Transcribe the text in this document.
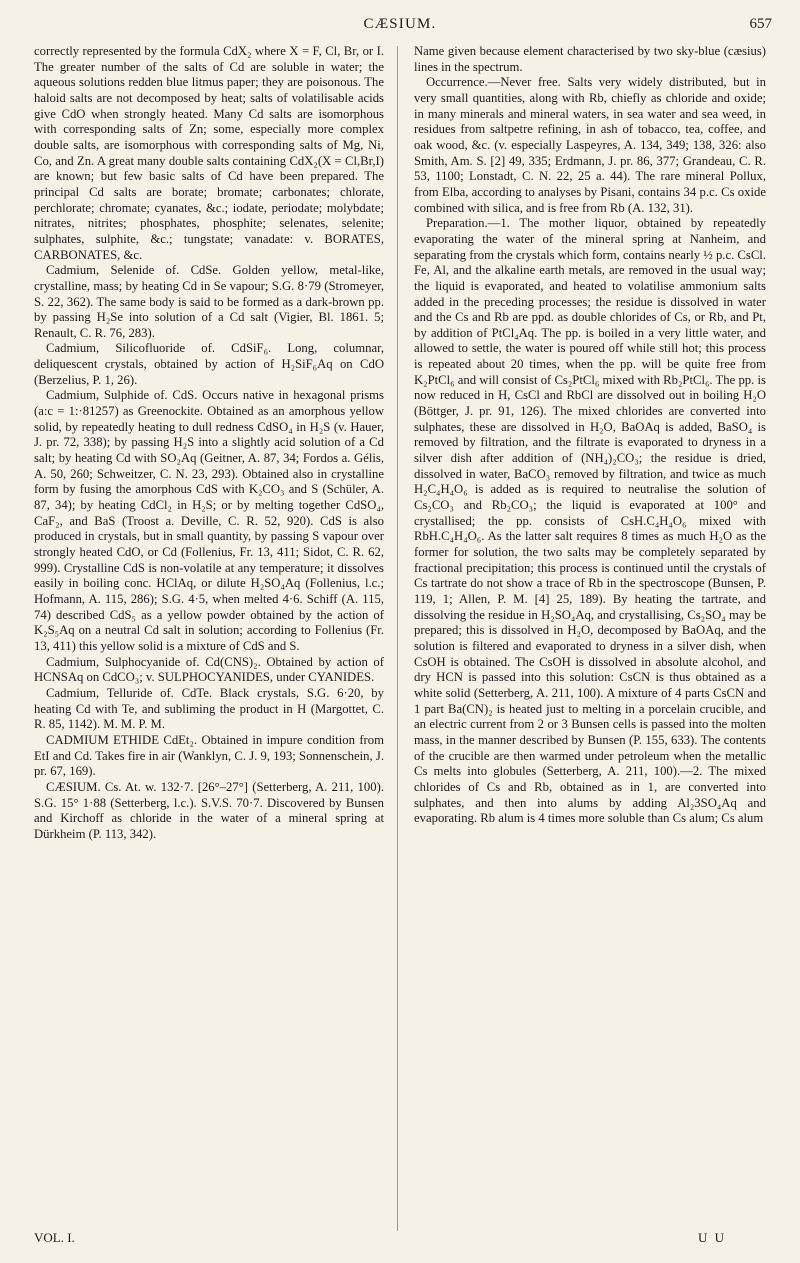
CÆSIUM.	657

correctly represented by the formula CdX₂ where X = F, Cl, Br, or I. The greater number of the salts of Cd are soluble in water; the aqueous solutions redden blue litmus paper; they are poisonous. The haloid salts are not decomposed by heat; salts of volatilisable acids give CdO when strongly heated. Many Cd salts are isomorphous with corresponding salts of Zn; some, especially more complex double salts, are isomorphous with corresponding salts of Mg, Ni, Co, and Zn. A great many double salts containing CdX₂(X = Cl,Br,I) are known; but few basic salts of Cd have been prepared. The principal Cd salts are borate; bromate; carbonates; chlorate, perchlorate; chromate; cyanates, &c.; iodate, periodate; molybdate; nitrates, nitrites; phosphates, phosphite; selenates, selenite; sulphates, sulphite, &c.; tungstate; vanadate: v. BORATES, CARBONATES, &c.

Cadmium, Selenide of. CdSe. Golden yellow, metal-like, crystalline, mass; by heating Cd in Se vapour; S.G. 8·79 (Stromeyer, S. 22, 362). The same body is said to be formed as a dark-brown pp. by passing H₂Se into solution of a Cd salt (Vigier, Bl. 1861. 5; Renault, C. R. 76, 283).

Cadmium, Silicofluoride of. CdSiF₆. Long, columnar, deliquescent crystals, obtained by action of H₂SiF₆Aq on CdO (Berzelius, P. 1, 26).

Cadmium, Sulphide of. CdS. Occurs native in hexagonal prisms (a:c = 1:·81257) as Greenockite. Obtained as an amorphous yellow solid, by repeatedly heating to dull redness CdSO₄ in H₂S (v. Hauer, J. pr. 72, 338); by passing H₂S into a slightly acid solution of a Cd salt; by heating Cd with SO₂Aq (Geitner, A. 87, 34; Fordos a. Gélis, A. 50, 260; Schweitzer, C. N. 23, 293). Obtained also in crystalline form by fusing the amorphous CdS with K₂CO₃ and S (Schüler, A. 87, 34); by heating CdCl₂ in H₂S; or by melting together CdSO₄, CaF₂, and BaS (Troost a. Deville, C. R. 52, 920). CdS is also produced in crystals, but in small quantity, by passing S vapour over strongly heated CdO, or Cd (Follenius, Fr. 13, 411; Sidot, C. R. 62, 999). Crystalline CdS is non-volatile at any temperature; it dissolves easily in boiling conc. HClAq, or dilute H₂SO₄Aq (Follenius, l.c.; Hofmann, A. 115, 286); S.G. 4·5, when melted 4·6. Schiff (A. 115, 74) described CdS₅ as a yellow powder obtained by the action of K₂S₅Aq on a neutral Cd salt in solution; according to Follenius (Fr. 13, 411) this yellow solid is a mixture of CdS and S.

Cadmium, Sulphocyanide of. Cd(CNS)₂. Obtained by action of HCNSAq on CdCO₃; v. SULPHOCYANIDES, under CYANIDES.

Cadmium, Telluride of. CdTe. Black crystals, S.G. 6·20, by heating Cd with Te, and subliming the product in H (Margottet, C. R. 85, 1142). M. M. P. M.

CADMIUM ETHIDE CdEt₂. Obtained in impure condition from EtI and Cd. Takes fire in air (Wanklyn, C. J. 9, 193; Sonnenschein, J. pr. 67, 169).

CÆSIUM. Cs. At. w. 132·7. [26°–27°] (Setterberg, A. 211, 100). S.G. 15° 1·88 (Setterberg, l.c.). S.V.S. 70·7. Discovered by Bunsen and Kirchoff as chloride in the water of a mineral spring at Dürkheim (P. 113, 342).

Name given because element characterised by two sky-blue (cæsius) lines in the spectrum.

Occurrence.—Never free. Salts very widely distributed, but in very small quantities, along with Rb, chiefly as chloride and oxide; in many minerals and mineral waters, in sea water and sea weed, in residues from saltpetre refining, in ash of tobacco, tea, coffee, and oak wood, &c. (v. especially Laspeyres, A. 134, 349; 138, 326: also Smith, Am. S. [2] 49, 335; Erdmann, J. pr. 86, 377; Grandeau, C. R. 53, 1100; Lonstadt, C. N. 22, 25 a. 44). The rare mineral Pollux, from Elba, according to analyses by Pisani, contains 34 p.c. Cs oxide combined with silica, and is free from Rb (A. 132, 31).

Preparation.—1. The mother liquor, obtained by repeatedly evaporating the water of the mineral spring at Nanheim, and separating from the crystals which form, contains nearly ½ p.c. CsCl. Fe, Al, and the alkaline earth metals, are removed in the usual way; the liquid is evaporated, and heated to volatilise ammonium salts added in the preceding processes; the residue is dissolved in water and the Cs and Rb are ppd. as double chlorides of Cs, or Rb, and Pt, by addition of PtCl₄Aq. The pp. is boiled in a very little water, and allowed to settle, the water is poured off while still hot; this process is repeated about 20 times, when the pp. will be quite free from K₂PtCl₆ and will consist of Cs₂PtCl₆ mixed with Rb₂PtCl₆. The pp. is now reduced in H, CsCl and RbCl are dissolved out in boiling H₂O (Böttger, J. pr. 91, 126). The mixed chlorides are converted into sulphates, these are dissolved in H₂O, BaOAq is added, BaSO₄ is removed by filtration, and the filtrate is evaporated to dryness in a silver dish after addition of (NH₄)₂CO₃; the residue is dried, dissolved in water, BaCO₃ removed by filtration, and twice as much H₂C₄H₄O₆ is added as is required to neutralise the solution of Cs₂CO₃ and Rb₂CO₃; the liquid is evaporated at 100° and crystallised; the pp. consists of CsH.C₄H₄O₆ mixed with RbH.C₄H₄O₆. As the latter salt requires 8 times as much H₂O as the former for solution, the two salts may be completely separated by fractional precipitation; this process is continued until the crystals of Cs tartrate do not show a trace of Rb in the spectroscope (Bunsen, P. 119, 1; Allen, P. M. [4] 25, 189). By heating the tartrate, and dissolving the residue in H₂SO₄Aq, and crystallising, Cs₂SO₄ may be prepared; this is dissolved in H₂O, decomposed by BaOAq, and the solution is filtered and evaporated to dryness in a silver dish, when CsOH is obtained. The CsOH is dissolved in absolute alcohol, and dry HCN is passed into this solution: CsCN is thus obtained as a white solid (Setterberg, A. 211, 100). A mixture of 4 parts CsCN and 1 part Ba(CN)₂ is heated just to melting in a porcelain crucible, and an electric current from 2 or 3 Bunsen cells is passed into the molten mass, in the manner described by Bunsen (P. 155, 633). The contents of the crucible are then warmed under petroleum when the metallic Cs melts into globules (Setterberg, A. 211, 100).—2. The mixed chlorides of Cs and Rb, obtained as in 1, are converted into sulphates, and then into alums by adding Al₂3SO₄Aq and evaporating. Rb alum is 4 times more soluble than Cs alum; Cs alum

VOL. I.	U U
